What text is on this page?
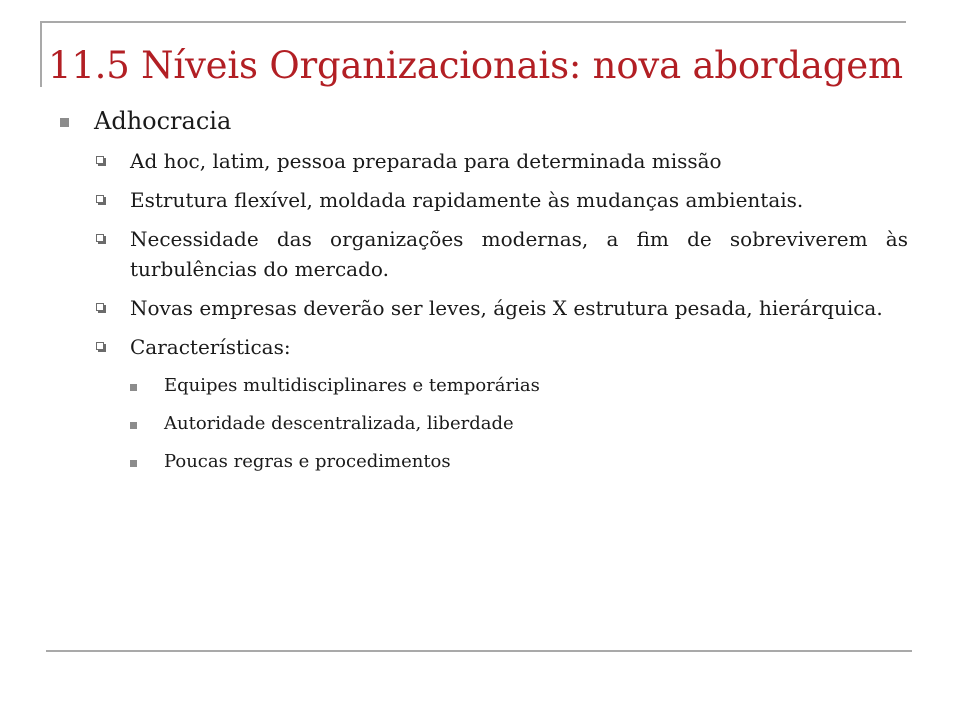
11.5 Níveis Organizacionais: nova abordagem
Adhocracia
Ad hoc, latim, pessoa preparada para determinada missão
Estrutura flexível, moldada rapidamente às mudanças ambientais.
Necessidade das organizações modernas, a fim de sobreviverem às turbulências do mercado.
Novas empresas deverão ser leves, ágeis X estrutura pesada, hierárquica.
Características:
Equipes multidisciplinares e temporárias
Autoridade descentralizada, liberdade
Poucas regras e procedimentos
